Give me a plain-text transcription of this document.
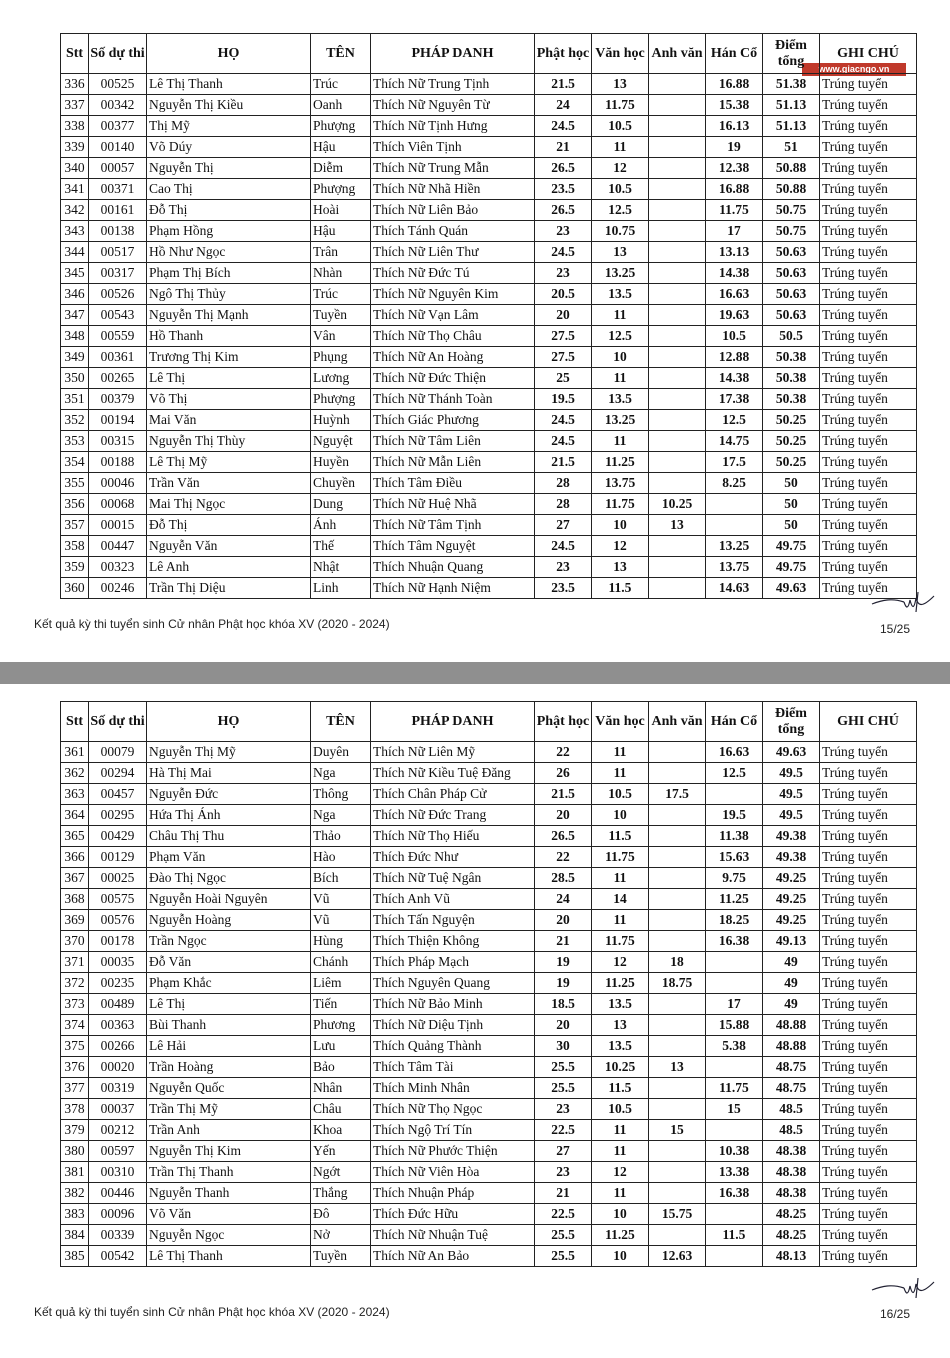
www.giacngo.vn
Stt	Số dự thi	HỌ	TÊN	PHÁP DANH	Phật học	Văn học	Anh văn	Hán Cổ	Điểm tổng	GHI CHÚ
336	00525	Lê Thị Thanh	Trúc	Thích Nữ Trung Tịnh	21.5	13		16.88	51.38	Trúng tuyển
337	00342	Nguyễn Thị Kiều	Oanh	Thích Nữ Nguyên Từ	24	11.75		15.38	51.13	Trúng tuyển
338	00377	Thị Mỹ	Phượng	Thích Nữ Tịnh Hưng	24.5	10.5		16.13	51.13	Trúng tuyển
339	00140	Võ Dúy	Hậu	Thích Viên Tịnh	21	11		19	51	Trúng tuyển
340	00057	Nguyễn Thị	Diễm	Thích Nữ Trung Mẫn	26.5	12		12.38	50.88	Trúng tuyển
341	00371	Cao Thị	Phượng	Thích Nữ Nhã Hiền	23.5	10.5		16.88	50.88	Trúng tuyển
342	00161	Đỗ Thị	Hoài	Thích Nữ Liên Bảo	26.5	12.5		11.75	50.75	Trúng tuyển
343	00138	Phạm Hồng	Hậu	Thích Tánh Quán	23	10.75		17	50.75	Trúng tuyển
344	00517	Hồ Như Ngọc	Trân	Thích Nữ Liên Thư	24.5	13		13.13	50.63	Trúng tuyển
345	00317	Phạm Thị Bích	Nhàn	Thích Nữ Đức Tú	23	13.25		14.38	50.63	Trúng tuyển
346	00526	Ngô Thị Thủy	Trúc	Thích Nữ Nguyên Kim	20.5	13.5		16.63	50.63	Trúng tuyển
347	00543	Nguyễn Thị Mạnh	Tuyền	Thích Nữ Vạn Lâm	20	11		19.63	50.63	Trúng tuyển
348	00559	Hồ Thanh	Vân	Thích Nữ Thọ Châu	27.5	12.5		10.5	50.5	Trúng tuyển
349	00361	Trương Thị Kim	Phụng	Thích Nữ An Hoàng	27.5	10		12.88	50.38	Trúng tuyển
350	00265	Lê Thị	Lương	Thích Nữ Đức Thiện	25	11		14.38	50.38	Trúng tuyển
351	00379	Võ Thị	Phượng	Thích Nữ Thánh Toàn	19.5	13.5		17.38	50.38	Trúng tuyển
352	00194	Mai Văn	Huỳnh	Thích Giác Phương	24.5	13.25		12.5	50.25	Trúng tuyển
353	00315	Nguyễn Thị Thùy	Nguyệt	Thích Nữ Tâm Liên	24.5	11		14.75	50.25	Trúng tuyển
354	00188	Lê Thị Mỹ	Huyền	Thích Nữ Mẫn Liên	21.5	11.25		17.5	50.25	Trúng tuyển
355	00046	Trần Văn	Chuyền	Thích Tâm Điều	28	13.75		8.25	50	Trúng tuyển
356	00068	Mai Thị Ngọc	Dung	Thích Nữ Huệ Nhã	28	11.75	10.25		50	Trúng tuyển
357	00015	Đỗ Thị	Ánh	Thích Nữ Tâm Tịnh	27	10	13		50	Trúng tuyển
358	00447	Nguyễn Văn	Thế	Thích Tâm Nguyệt	24.5	12		13.25	49.75	Trúng tuyển
359	00323	Lê Anh	Nhật	Thích Nhuận Quang	23	13		13.75	49.75	Trúng tuyển
360	00246	Trần Thị Diệu	Linh	Thích Nữ Hạnh Niệm	23.5	11.5		14.63	49.63	Trúng tuyển
Kết quả kỳ thi tuyển sinh Cử nhân Phật học khóa XV (2020 - 2024)	15/25
Stt	Số dự thi	HỌ	TÊN	PHÁP DANH	Phật học	Văn học	Anh văn	Hán Cổ	Điểm tổng	GHI CHÚ
361	00079	Nguyễn Thị Mỹ	Duyên	Thích Nữ Liên Mỹ	22	11		16.63	49.63	Trúng tuyển
362	00294	Hà Thị Mai	Nga	Thích Nữ Kiều Tuệ Đăng	26	11		12.5	49.5	Trúng tuyển
363	00457	Nguyễn Đức	Thông	Thích Chân Pháp Cử	21.5	10.5	17.5		49.5	Trúng tuyển
364	00295	Hứa Thị Ánh	Nga	Thích Nữ Đức Trang	20	10		19.5	49.5	Trúng tuyển
365	00429	Châu Thị Thu	Thảo	Thích Nữ Thọ Hiếu	26.5	11.5		11.38	49.38	Trúng tuyển
366	00129	Phạm Văn	Hào	Thích Đức Như	22	11.75		15.63	49.38	Trúng tuyển
367	00025	Đào Thị Ngọc	Bích	Thích Nữ Tuệ Ngân	28.5	11		9.75	49.25	Trúng tuyển
368	00575	Nguyễn Hoài Nguyên	Vũ	Thích Anh Vũ	24	14		11.25	49.25	Trúng tuyển
369	00576	Nguyễn Hoàng	Vũ	Thích Tấn Nguyện	20	11		18.25	49.25	Trúng tuyển
370	00178	Trần Ngọc	Hùng	Thích Thiện Không	21	11.75		16.38	49.13	Trúng tuyển
371	00035	Đỗ Văn	Chánh	Thích Pháp Mạch	19	12	18		49	Trúng tuyển
372	00235	Phạm Khắc	Liêm	Thích Nguyên Quang	19	11.25	18.75		49	Trúng tuyển
373	00489	Lê Thị	Tiến	Thích Nữ Bảo Minh	18.5	13.5		17	49	Trúng tuyển
374	00363	Bùi Thanh	Phương	Thích Nữ Diệu Tịnh	20	13		15.88	48.88	Trúng tuyển
375	00266	Lê Hải	Lưu	Thích Quảng Thành	30	13.5		5.38	48.88	Trúng tuyển
376	00020	Trần Hoàng	Bảo	Thích Tâm Tài	25.5	10.25	13		48.75	Trúng tuyển
377	00319	Nguyễn Quốc	Nhân	Thích Minh Nhân	25.5	11.5		11.75	48.75	Trúng tuyển
378	00037	Trần Thị Mỹ	Châu	Thích Nữ Thọ Ngọc	23	10.5		15	48.5	Trúng tuyển
379	00212	Trần Anh	Khoa	Thích Ngộ Trí Tín	22.5	11	15		48.5	Trúng tuyển
380	00597	Nguyễn Thị Kim	Yến	Thích Nữ Phước Thiện	27	11		10.38	48.38	Trúng tuyển
381	00310	Trần Thị Thanh	Ngớt	Thích Nữ Viên Hòa	23	12		13.38	48.38	Trúng tuyển
382	00446	Nguyễn Thanh	Thắng	Thích Nhuận Pháp	21	11		16.38	48.38	Trúng tuyển
383	00096	Võ Văn	Đô	Thích Đức Hữu	22.5	10	15.75		48.25	Trúng tuyển
384	00339	Nguyễn Ngọc	Nở	Thích Nữ Nhuận Tuệ	25.5	11.25		11.5	48.25	Trúng tuyển
385	00542	Lê Thị Thanh	Tuyền	Thích Nữ An Bảo	25.5	10	12.63		48.13	Trúng tuyển
Kết quả kỳ thi tuyển sinh Cử nhân Phật học khóa XV (2020 - 2024)	16/25
